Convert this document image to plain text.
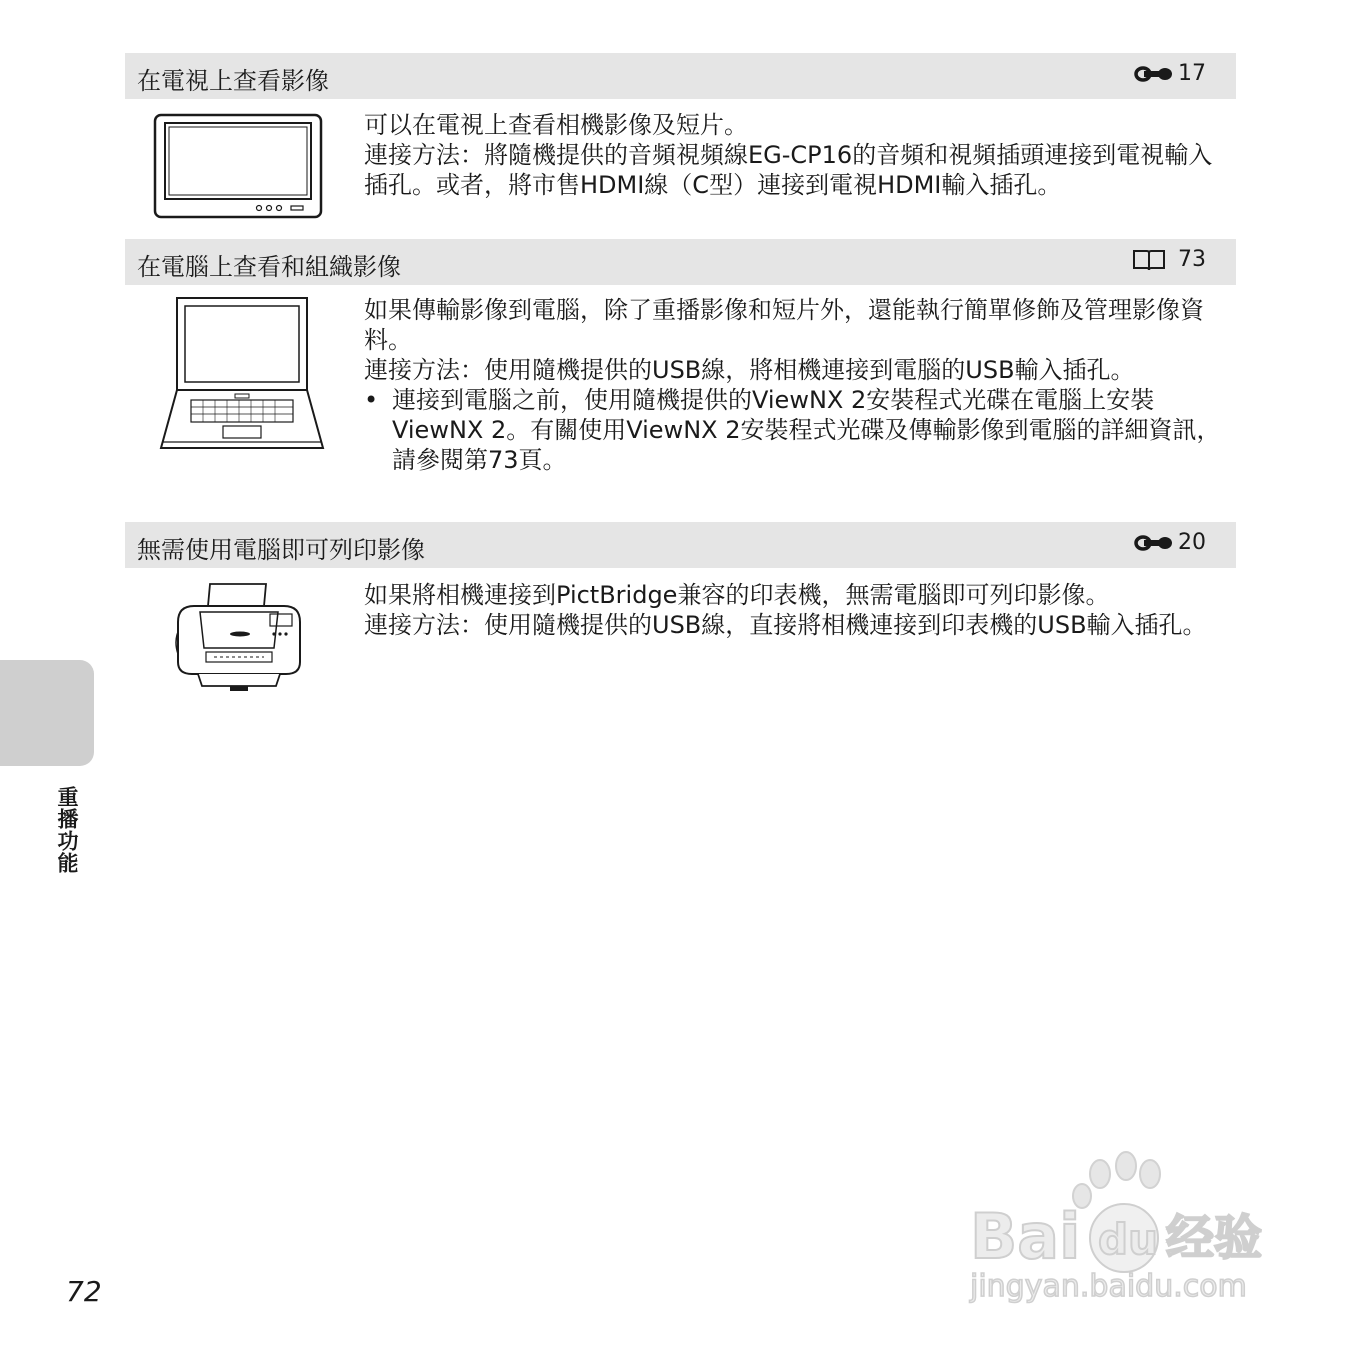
在電視上查看影像	17

可以在電視上查看相機影像及短片。

連接方法：將隨機提供的音頻視頻線EG-CP16的音頻和視頻插頭連接到電視輸入插孔。或者，將市售HDMI線（C型）連接到電視HDMI輸入插孔。

在電腦上查看和組織影像	73

如果傳輸影像到電腦，除了重播影像和短片外，還能執行簡單修飾及管理影像資料。

連接方法：使用隨機提供的USB線，將相機連接到電腦的USB輸入插孔。

• 連接到電腦之前，使用隨機提供的ViewNX 2安裝程式光碟在電腦上安裝ViewNX 2。有關使用ViewNX 2安裝程式光碟及傳輸影像到電腦的詳細資訊，請參閱第73頁。
無需使用電腦即可列印影像	20

如果將相機連接到PictBridge兼容的印表機，無需電腦即可列印影像。

連接方法：使用隨機提供的USB線，直接將相機連接到印表機的USB輸入插孔。

重播功能
72
Bai du 经验
jingyan.baidu.com
